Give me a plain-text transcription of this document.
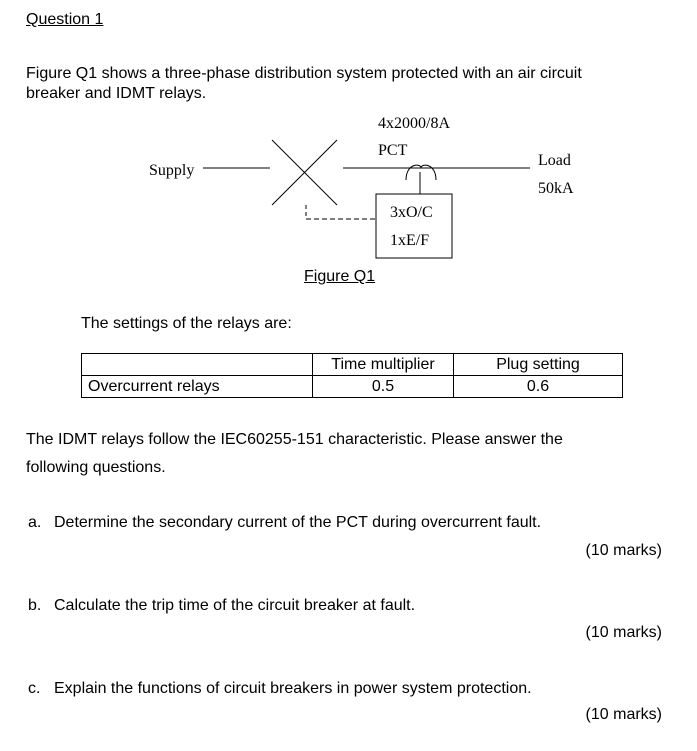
Question 1
Figure Q1 shows a three-phase distribution system protected with an air circuit
breaker and IDMT relays.
4x2000/8A
PCT
Supply
Load
50kA
3xO/C
1xE/F
Figure Q1
The settings of the relays are:
	Time multiplier	Plug setting
Overcurrent relays	0.5	0.6
The IDMT relays follow the IEC60255-151 characteristic. Please answer the
following questions.
a. Determine the secondary current of the PCT during overcurrent fault.
(10 marks)
b. Calculate the trip time of the circuit breaker at fault.
(10 marks)
c. Explain the functions of circuit breakers in power system protection.
(10 marks)
